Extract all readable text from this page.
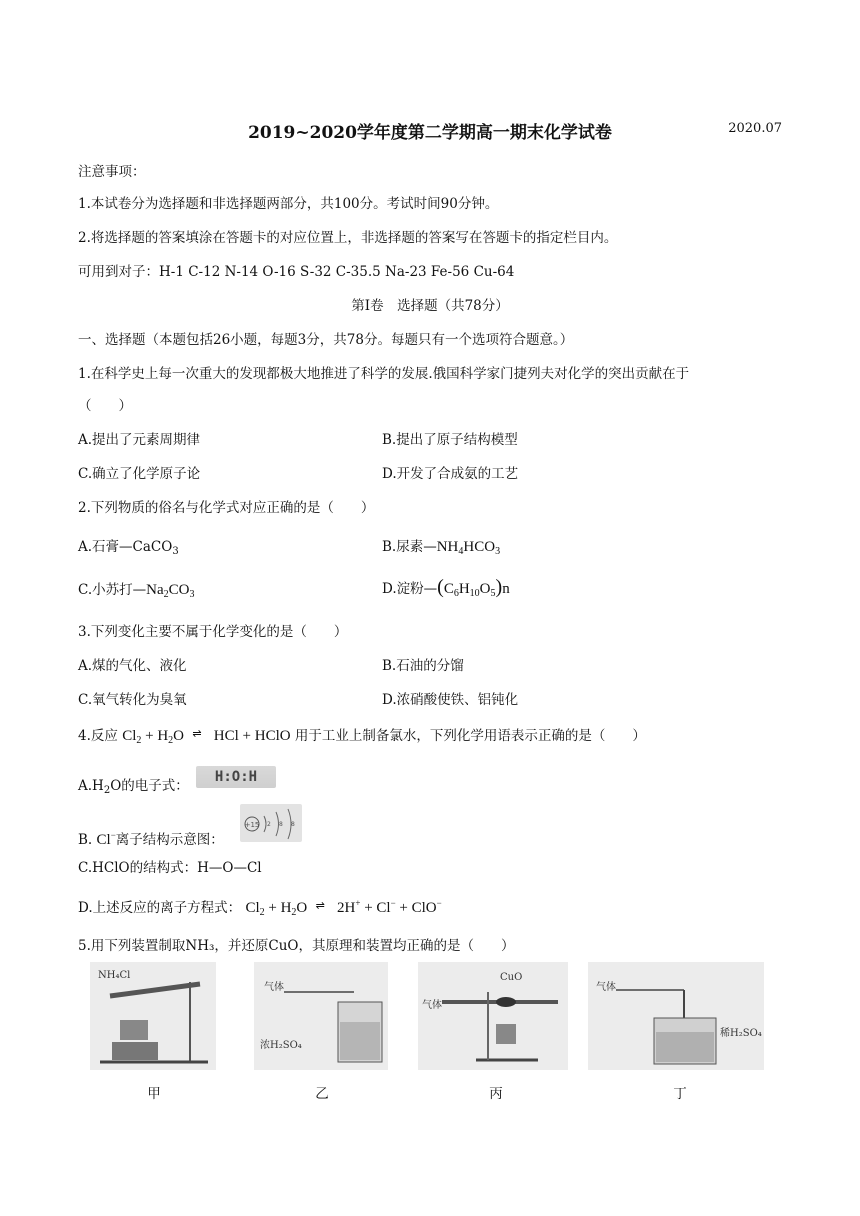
2019~2020学年度第二学期高一期末化学试卷	2020.07
注意事项：
1.本试卷分为选择题和非选择题两部分，共100分。考试时间90分钟。
2.将选择题的答案填涂在答题卡的对应位置上，非选择题的答案写在答题卡的指定栏目内。
可用到对子：H-1 C-12 N-14 O-16 S-32 C-35.5 Na-23 Fe-56 Cu-64
第Ⅰ卷　选择题（共78分）
一、选择题（本题包括26小题，每题3分，共78分。每题只有一个选项符合题意。）
1.在科学史上每一次重大的发现都极大地推进了科学的发展.俄国科学家门捷列夫对化学的突出贡献在于
（　　）
A.提出了元素周期律	B.提出了原子结构模型
C.确立了化学原子论	D.开发了合成氨的工艺
2.下列物质的俗名与化学式对应正确的是（　　）
A.石膏—CaCO$_3$	B.尿素$—NH_4HCO_3$
C.小苏打$—Na_2CO_3$	D.淀粉$—(C_6H_{10}O_5)n$
3.下列变化主要不属于化学变化的是（　　）
A.煤的气化、液化	B.石油的分馏
C.氧气转化为臭氧	D.浓硝酸使铁、铝钝化
4.反应 $Cl_2 + H_2O$ ⇌ HCl + HClO 用于工业上制备氯水，下列化学用语表示正确的是（　　）
$A.H_2O$的电子式：
H:O:H
B. Cl−离子结构示意图：
+15 2 8 8
C.HClO的结构式：H—O—Cl
D.上述反应的离子方程式： $Cl_2 + H_2O$ ⇌ 2H+ + Cl− + ClO−
5.用下列装置制取NH₃，并还原CuO，其原理和装置均正确的是（　　）
NH₄Cl
气体
浓H₂SO₄
CuO
气体
气体
稀H₂SO₄
甲	乙	丙	丁
